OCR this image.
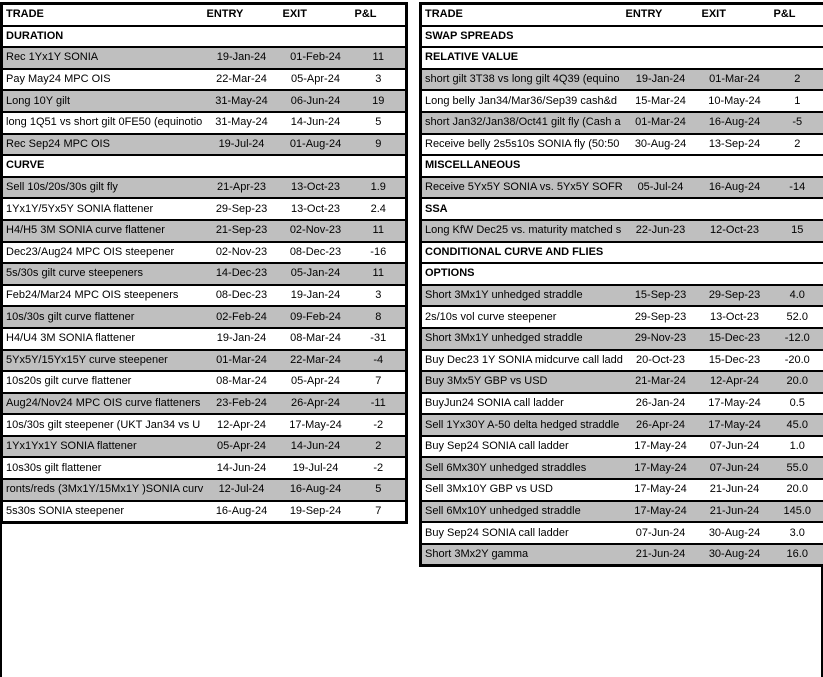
TRADE	ENTRY	EXIT	P&L
DURATION			
Rec 1Yx1Y SONIA	19-Jan-24	01-Feb-24	11
Pay May24 MPC OIS	22-Mar-24	05-Apr-24	3
Long 10Y gilt	31-May-24	06-Jun-24	19
long 1Q51 vs short gilt 0FE50 (equinotio	31-May-24	14-Jun-24	5
Rec Sep24 MPC OIS	19-Jul-24	01-Aug-24	9
CURVE			
Sell 10s/20s/30s gilt fly	21-Apr-23	13-Oct-23	1.9
1Yx1Y/5Yx5Y SONIA flattener	29-Sep-23	13-Oct-23	2.4
H4/H5 3M SONIA curve flattener	21-Sep-23	02-Nov-23	11
Dec23/Aug24 MPC OIS steepener	02-Nov-23	08-Dec-23	-16
5s/30s gilt curve steepeners	14-Dec-23	05-Jan-24	11
Feb24/Mar24 MPC OIS steepeners	08-Dec-23	19-Jan-24	3
10s/30s gilt curve flattener	02-Feb-24	09-Feb-24	8
H4/U4 3M SONIA flattener	19-Jan-24	08-Mar-24	-31
5Yx5Y/15Yx15Y curve steepener	01-Mar-24	22-Mar-24	-4
10s20s gilt curve flattener	08-Mar-24	05-Apr-24	7
Aug24/Nov24 MPC OIS curve flatteners	23-Feb-24	26-Apr-24	-11
10s/30s gilt steepener (UKT Jan34 vs U	12-Apr-24	17-May-24	-2
1Yx1Yx1Y SONIA flattener	05-Apr-24	14-Jun-24	2
10s30s gilt flattener	14-Jun-24	19-Jul-24	-2
ronts/reds (3Mx1Y/15Mx1Y )SONIA curv	12-Jul-24	16-Aug-24	5
5s30s SONIA steepener	16-Aug-24	19-Sep-24	7
TRADE	ENTRY	EXIT	P&L
SWAP SPREADS			
RELATIVE VALUE			
short gilt 3T38 vs long gilt 4Q39 (equino	19-Jan-24	01-Mar-24	2
Long belly Jan34/Mar36/Sep39 cash&d	15-Mar-24	10-May-24	1
short Jan32/Jan38/Oct41 gilt fly (Cash a	01-Mar-24	16-Aug-24	-5
Receive belly 2s5s10s SONIA fly (50:50	30-Aug-24	13-Sep-24	2
MISCELLANEOUS			
Receive 5Yx5Y SONIA vs. 5Yx5Y SOFR	05-Jul-24	16-Aug-24	-14
SSA			
Long KfW Dec25 vs. maturity matched s	22-Jun-23	12-Oct-23	15
CONDITIONAL CURVE AND FLIES			
OPTIONS			
Short 3Mx1Y unhedged straddle	15-Sep-23	29-Sep-23	4.0
2s/10s vol curve steepener	29-Sep-23	13-Oct-23	52.0
Short 3Mx1Y unhedged straddle	29-Nov-23	15-Dec-23	-12.0
Buy Dec23 1Y SONIA midcurve call ladd	20-Oct-23	15-Dec-23	-20.0
Buy 3Mx5Y GBP vs USD	21-Mar-24	12-Apr-24	20.0
BuyJun24 SONIA call ladder	26-Jan-24	17-May-24	0.5
Sell 1Yx30Y A-50 delta hedged straddle	26-Apr-24	17-May-24	45.0
Buy Sep24 SONIA call ladder	17-May-24	07-Jun-24	1.0
Sell 6Mx30Y unhedged straddles	17-May-24	07-Jun-24	55.0
Sell 3Mx10Y GBP vs USD	17-May-24	21-Jun-24	20.0
Sell 6Mx10Y unhedged straddle	17-May-24	21-Jun-24	145.0
Buy Sep24 SONIA call ladder	07-Jun-24	30-Aug-24	3.0
Short 3Mx2Y gamma	21-Jun-24	30-Aug-24	16.0
